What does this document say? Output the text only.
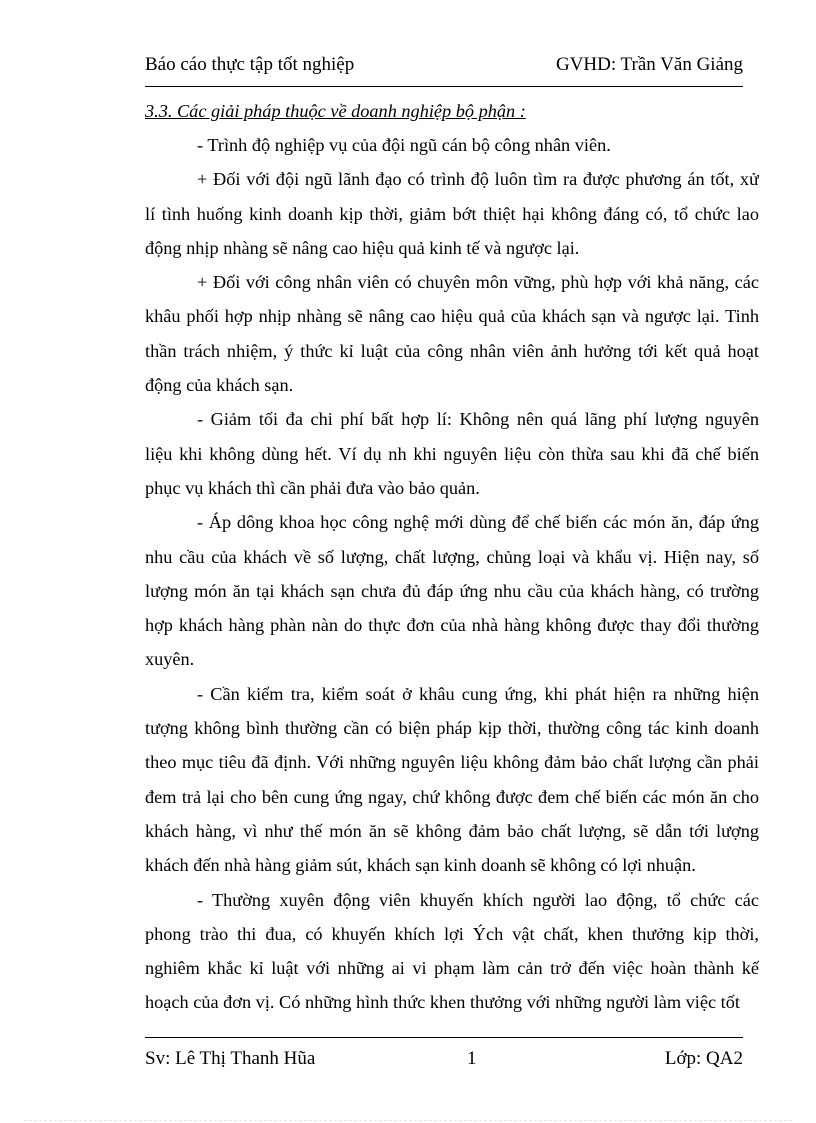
Báo cáo thực tập tốt nghiệp	GVHD: Trần Văn Giảng
3.3. Các giải pháp thuộc về doanh nghiệp bộ phận :
- Trình độ nghiệp vụ của đội ngũ cán bộ công nhân viên.
+ Đối với đội ngũ lãnh đạo có trình độ luôn tìm ra được phương án tốt, xử
lí tình huống kinh doanh kịp thời, giảm bớt thiệt hại không đáng có, tổ chức lao
động nhịp nhàng sẽ nâng cao hiệu quả kinh tế và ngược lại.
+ Đối với công nhân viên có chuyên môn vững, phù hợp với khả năng, các
khâu phối hợp nhịp nhàng sẽ nâng cao hiệu quả của khách sạn và ngược lại. Tinh
thần trách nhiệm, ý thức kỉ luật của công nhân viên ảnh hưởng tới kết quả hoạt
động của khách sạn.
- Giảm tối đa chi phí bất hợp lí: Không nên quá lãng phí lượng nguyên
liệu khi không dùng hết. Ví dụ nh khi nguyên liệu còn thừa sau khi đã chế biến
phục vụ khách thì cần phải đưa vào bảo quản.
- Áp dông khoa học công nghệ mới dùng để chế biến các món ăn, đáp ứng
nhu cầu của khách về số lượng, chất lượng, chủng loại và khẩu vị. Hiện nay, số
lượng món ăn tại khách sạn chưa đủ đáp ứng nhu cầu của khách hàng, có trường
hợp khách hàng phàn nàn do thực đơn của nhà hàng không được thay đổi thường
xuyên.
- Cần kiểm tra, kiểm soát ở khâu cung ứng, khi phát hiện ra những hiện
tượng không bình thường cần có biện pháp kịp thời, thường công tác kinh doanh
theo mục tiêu đã định. Với những nguyên liệu không đảm bảo chất lượng cần phải
đem trả lại cho bên cung ứng ngay, chứ không được đem chế biến các món ăn cho
khách hàng, vì như thế món ăn sẽ không đảm bảo chất lượng, sẽ dẫn tới lượng
khách đến nhà hàng giảm sút, khách sạn kinh doanh sẽ không có lợi nhuận.
- Thường xuyên động viên khuyến khích người lao động, tổ chức các
phong trào thi đua, có khuyến khích lợi Ých vật chất, khen thưởng kịp thời,
nghiêm khắc kỉ luật với những ai vi phạm làm cản trở đến việc hoàn thành kế
hoạch của đơn vị. Có những hình thức khen thưởng với những người làm việc tốt
Sv: Lê Thị Thanh Hũa	1	Lớp: QA2
